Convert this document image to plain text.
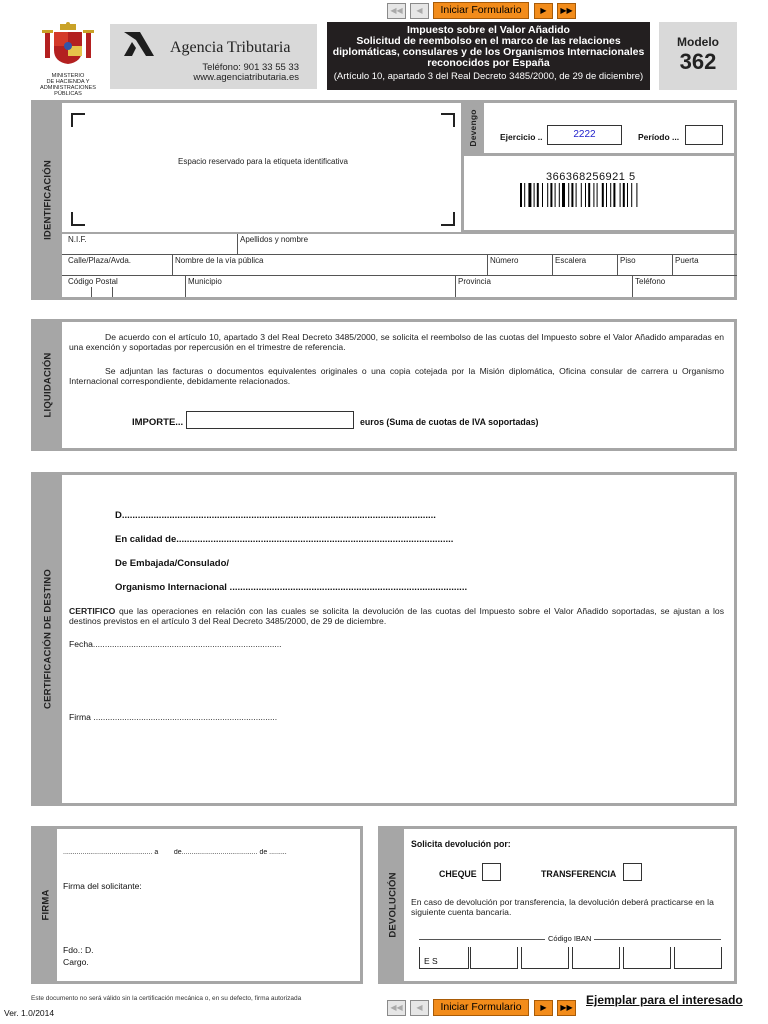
◀◀	◀	Iniciar Formulario	▶	▶▶
MINISTERIO
DE HACIENDA Y
ADMINISTRACIONES
PÚBLICAS
Agencia Tributaria
Teléfono: 901 33 55 33
www.agenciatributaria.es
Impuesto sobre el Valor Añadido
Solicitud de reembolso en el marco de las relaciones
diplomáticas, consulares y de los Organismos Internacionales
reconocidos por España
(Artículo 10, apartado 3 del Real Decreto 3485/2000, de 29 de diciembre)
Modelo
362
IDENTIFICACIÓN	Espacio reservado para la etiqueta identificativa
Devengo	Ejercicio ..	2222	Período ...
366368256921 5
N.I.F.	Apellidos y nombre
Calle/Plaza/Avda.	Nombre de la vía pública	Número	Escalera	Piso	Puerta
Código Postal	Municipio	Provincia	Teléfono
LIQUIDACIÓN
De acuerdo con el artículo 10, apartado 3 del Real Decreto 3485/2000, se solicita el reembolso de las cuotas del Impuesto sobre el Valor Añadido amparadas en una exención y soportadas por repercusión en el trimestre de referencia.
Se adjuntan las facturas o documentos equivalentes originales o una copia cotejada por la Misión diplomática, Oficina consular de carrera u Organismo Internacional correspondiente, debidamente relacionados.
IMPORTE...	euros (Suma de cuotas de IVA soportadas)
CERTIFICACIÓN DE DESTINO
D.......................................................................................................................
En calidad de.........................................................................................................
De Embajada/Consulado/
Organismo Internacional ..........................................................................................
CERTIFICO que las operaciones en relación con las cuales se solicita la devolución de las cuotas del Impuesto sobre el Valor Añadido soportadas, se ajustan a los destinos previstos en el artículo 3 del Real Decreto 3485/2000, de 29 de diciembre.
Fecha...............................................................................
Firma .............................................................................
FIRMA
.............................................. a        de....................................... de .........
Firma del solicitante:
Fdo.: D.
Cargo.
DEVOLUCIÓN
Solicita devolución por:
CHEQUE	TRANSFERENCIA
En caso de devolución por transferencia, la devolución deberá practicarse en la siguiente cuenta bancaria.
Código IBAN
E S
Este documento no será válido sin la certificación mecánica o, en su defecto, firma autorizada
Ver. 1.0/2014
◀◀	◀	Iniciar Formulario	▶	▶▶
Ejemplar para el interesado
